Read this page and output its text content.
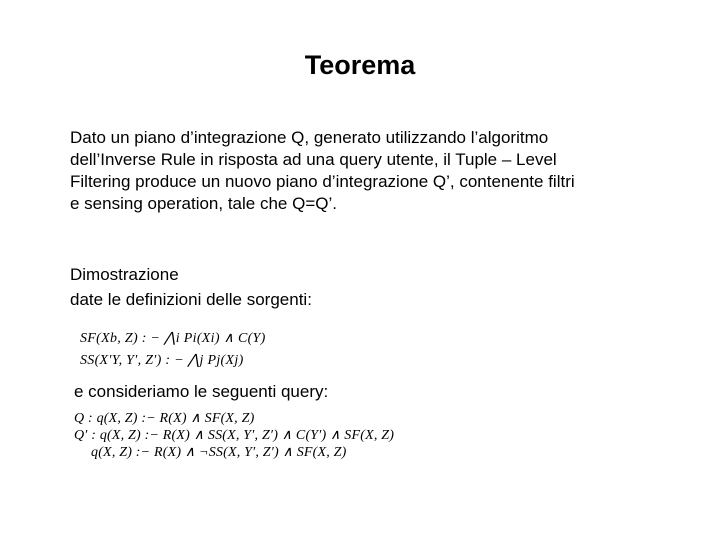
Teorema
Dato un piano d’integrazione Q, generato utilizzando l’algoritmo
dell’Inverse Rule in risposta ad una query utente, il Tuple – Level
Filtering produce un nuovo piano d’integrazione Q’, contenente filtri
e sensing operation, tale che Q=Q’.
Dimostrazione
date le definizioni delle sorgenti:
SF(Xb, Z) : − ⋀i Pi(Xi) ∧ C(Y)
SS(X′Y, Y′, Z′) : − ⋀j Pj(Xj)
e consideriamo le seguenti query:
Q : q(X, Z) :− R(X) ∧ SF(X, Z)
Q′ : q(X, Z) :− R(X) ∧ SS(X, Y′, Z′) ∧ C(Y′) ∧ SF(X, Z)
q(X, Z) :− R(X) ∧ ¬SS(X, Y′, Z′) ∧ SF(X, Z)
